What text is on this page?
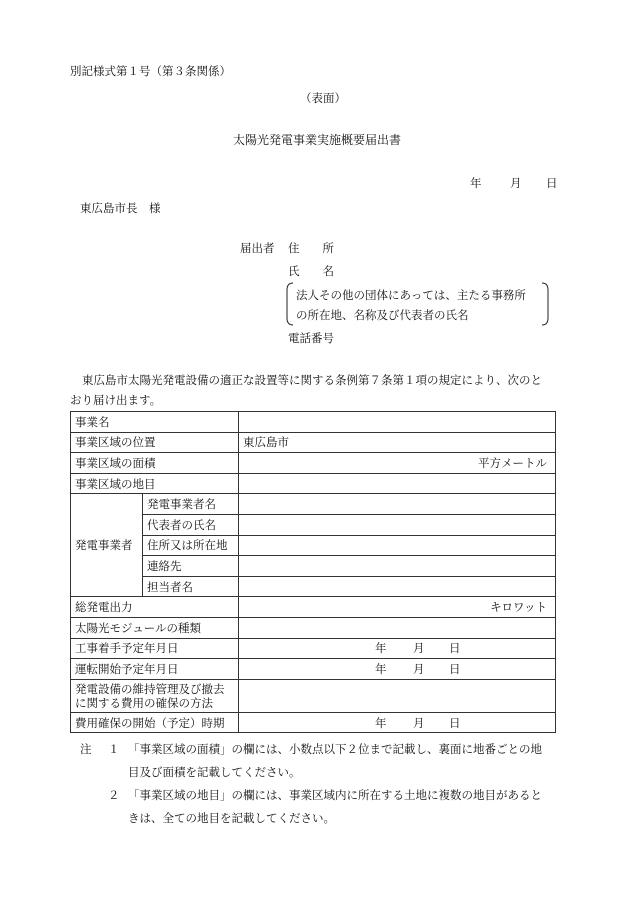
別記様式第１号（第３条関係）
（表面）
太陽光発電事業実施概要届出書
年 月 日
東広島市長　様
届出者 住　　所
氏　　名
法人その他の団体にあっては、主たる事務所
の所在地、名称及び代表者の氏名
電話番号
東広島市太陽光発電設備の適正な設置等に関する条例第７条第１項の規定により、次のと
おり届け出ます。
事業名		
事業区域の位置		東広島市
事業区域の面積		平方メートル
事業区域の地目		
発電事業者	発電事業者名	
	代表者の氏名	
	住所又は所在地	
	連絡先	
	担当者名	
総発電出力		キロワット
太陽光モジュールの種類		
工事着手予定年月日		年 月 日
運転開始予定年月日		年 月 日
発電設備の維持管理及び撤去に関する費用の確保の方法		
費用確保の開始（予定）時期		年 月 日
注 １ 「事業区域の面積」の欄には、小数点以下２位まで記載し、裏面に地番ごとの地
目及び面積を記載してください。
２ 「事業区域の地目」の欄には、事業区域内に所在する土地に複数の地目があると
きは、全ての地目を記載してください。
